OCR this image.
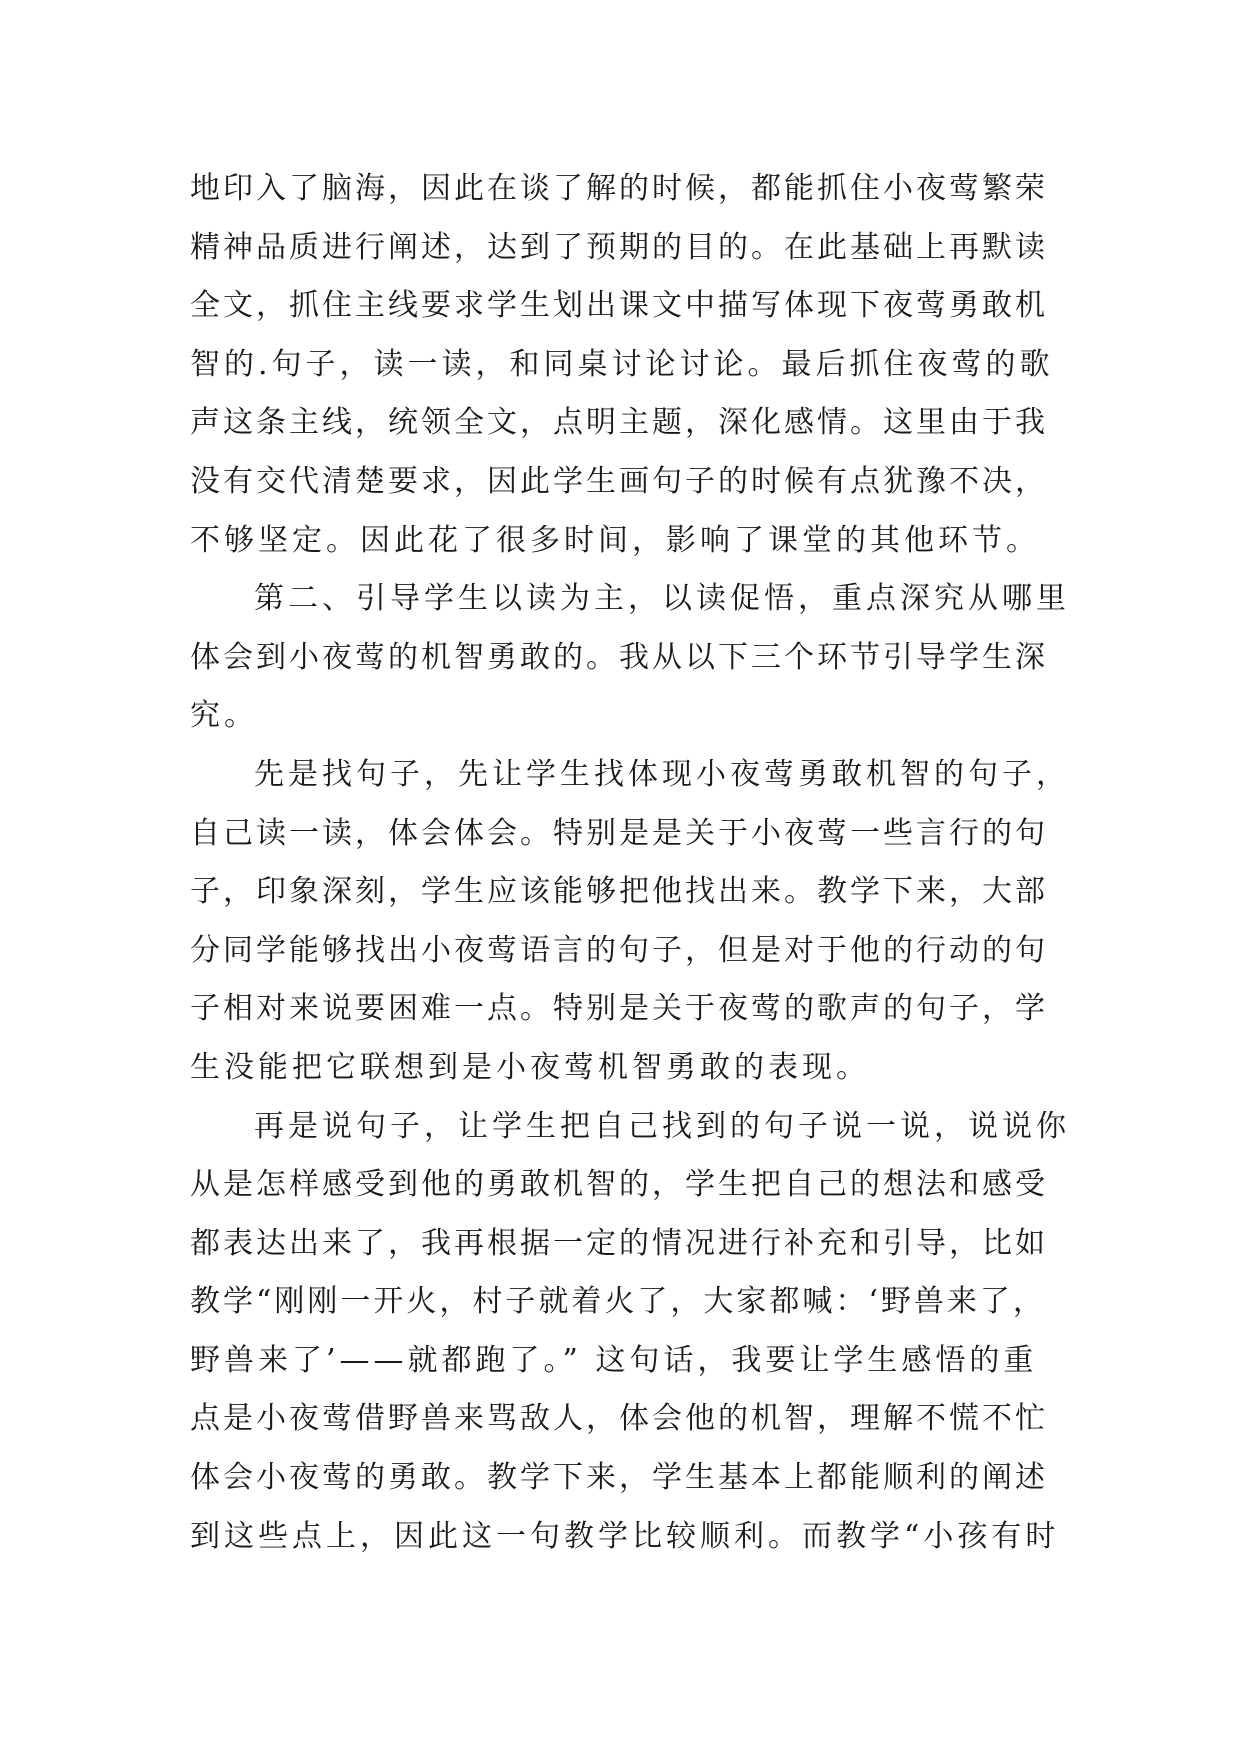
地印入了脑海，因此在谈了解的时候，都能抓住小夜莺繁荣
精神品质进行阐述，达到了预期的目的。在此基础上再默读
全文，抓住主线要求学生划出课文中描写体现下夜莺勇敢机
智的.句子，读一读，和同桌讨论讨论。最后抓住夜莺的歌
声这条主线，统领全文，点明主题，深化感情。这里由于我
没有交代清楚要求，因此学生画句子的时候有点犹豫不决，
不够坚定。因此花了很多时间，影响了课堂的其他环节。
第二、引导学生以读为主，以读促悟，重点深究从哪里
体会到小夜莺的机智勇敢的。我从以下三个环节引导学生深
究。
先是找句子，先让学生找体现小夜莺勇敢机智的句子，
自己读一读，体会体会。特别是是关于小夜莺一些言行的句
子，印象深刻，学生应该能够把他找出来。教学下来，大部
分同学能够找出小夜莺语言的句子，但是对于他的行动的句
子相对来说要困难一点。特别是关于夜莺的歌声的句子，学
生没能把它联想到是小夜莺机智勇敢的表现。
再是说句子，让学生把自己找到的句子说一说，说说你
从是怎样感受到他的勇敢机智的，学生把自己的想法和感受
都表达出来了，我再根据一定的情况进行补充和引导，比如
教学“刚刚一开火，村子就着火了，大家都喊：‘野兽来了，
野兽来了’——就都跑了。” 这句话，我要让学生感悟的重
点是小夜莺借野兽来骂敌人，体会他的机智，理解不慌不忙
体会小夜莺的勇敢。教学下来，学生基本上都能顺利的阐述
到这些点上，因此这一句教学比较顺利。而教学“小孩有时
